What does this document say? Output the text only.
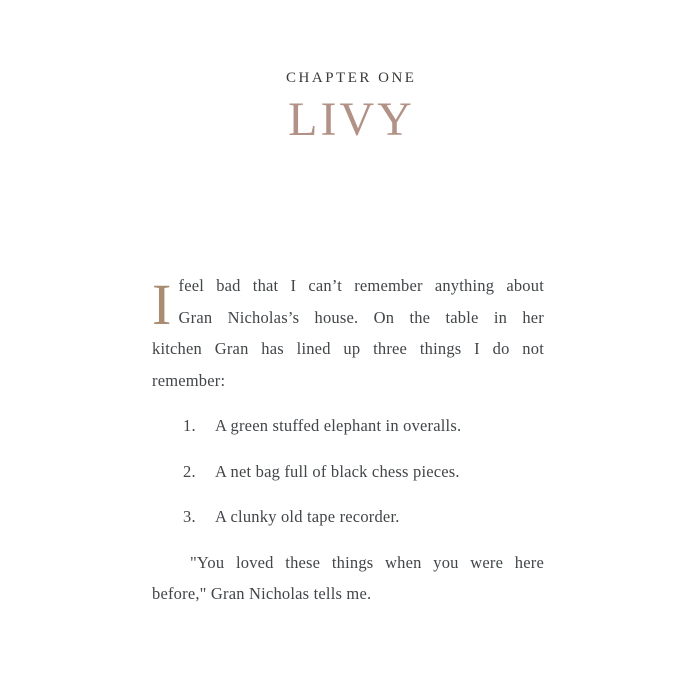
CHAPTER ONE
LIVY
I feel bad that I can’t remember anything about
Gran Nicholas’s house. On the table in her
kitchen Gran has lined up three things I do not
remember:
1.	A green stuffed elephant in overalls.
2.	A net bag full of black chess pieces.
3.	A clunky old tape recorder.
"You loved these things when you were here
before," Gran Nicholas tells me.
